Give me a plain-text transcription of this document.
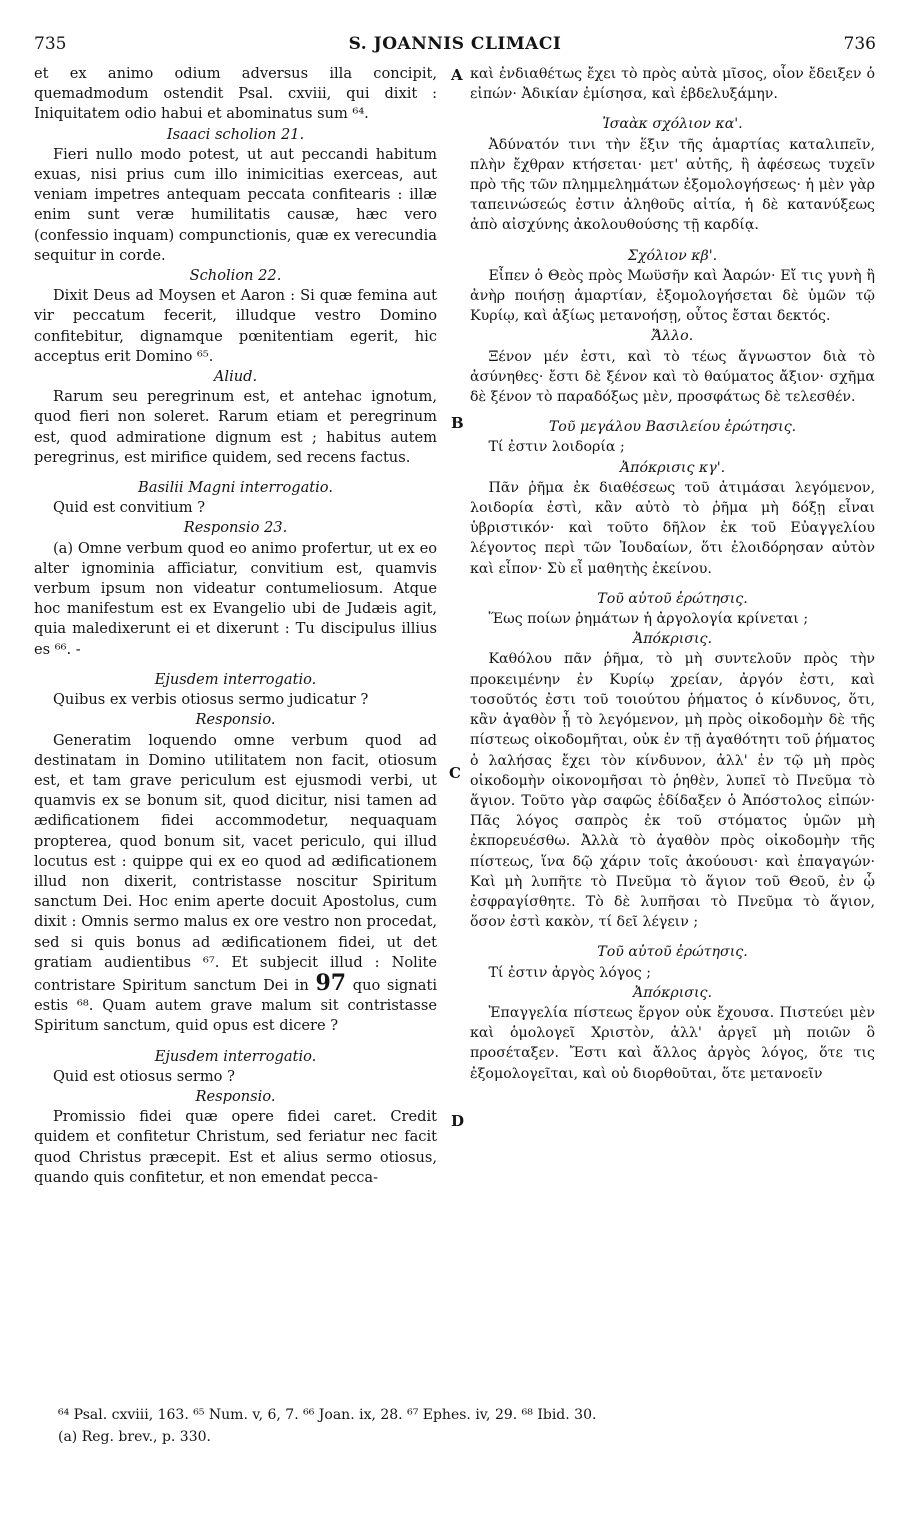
735	S. JOANNIS CLIMACI	736

et ex animo odium adversus illa concipit, quemadmodum ostendit Psal. cxviii, qui dixit : Iniquitatem odio habui et abominatus sum ⁶⁴.

Isaaci scholion 21.

Fieri nullo modo potest, ut aut peccandi habitum exuas, nisi prius cum illo inimicitias exerceas, aut veniam impetres antequam peccata confitearis : illæ enim sunt veræ humilitatis causæ, hæc vero (confessio inquam) compunctionis, quæ ex verecundia sequitur in corde.

Scholion 22.

Dixit Deus ad Moysen et Aaron : Si quæ femina aut vir peccatum fecerit, illudque vestro Domino confitebitur, dignamque pœnitentiam egerit, hic acceptus erit Domino ⁶⁵.

Aliud.

Rarum seu peregrinum est, et antehac ignotum, quod fieri non soleret. Rarum etiam et peregrinum est, quod admiratione dignum est ; habitus autem peregrinus, est mirifice quidem, sed recens factus.

Basilii Magni interrogatio.

Quid est convitium ?

Responsio 23.

(a) Omne verbum quod eo animo profertur, ut ex eo alter ignominia afficiatur, convitium est, quamvis verbum ipsum non videatur contumeliosum. Atque hoc manifestum est ex Evangelio ubi de Judæis agit, quia maledixerunt ei et dixerunt : Tu discipulus illius es ⁶⁶. -

Ejusdem interrogatio.

Quibus ex verbis otiosus sermo judicatur ?

Responsio.

Generatim loquendo omne verbum quod ad destinatam in Domino utilitatem non facit, otiosum est, et tam grave periculum est ejusmodi verbi, ut quamvis ex se bonum sit, quod dicitur, nisi tamen ad ædificationem fidei accommodetur, nequaquam propterea, quod bonum sit, vacet periculo, qui illud locutus est : quippe qui ex eo quod ad ædificationem illud non dixerit, contristasse noscitur Spiritum sanctum Dei. Hoc enim aperte docuit Apostolus, cum dixit : Omnis sermo malus ex ore vestro non procedat, sed si quis bonus ad ædificationem fidei, ut det gratiam audientibus ⁶⁷. Et subjecit illud : Nolite contristare Spiritum sanctum Dei in 97 quo signati estis ⁶⁸. Quam autem grave malum sit contristasse Spiritum sanctum, quid opus est dicere ?

Ejusdem interrogatio.

Quid est otiosus sermo ?

Responsio.

Promissio fidei quæ opere fidei caret. Credit quidem et confitetur Christum, sed feriatur nec facit quod Christus præcepit. Est et alius sermo otiosus, quando quis confitetur, et non emendat pecca-

A
B
C
D

καὶ ἐνδιαθέτως ἔχει τὸ πρὸς αὐτὰ μῖσος, οἷον ἔδειξεν ὁ εἰπών· Ἀδικίαν ἐμίσησα, καὶ ἐβδελυξάμην.

Ἰσαὰκ σχόλιον κα'.

Ἀδύνατόν τινι τὴν ἕξιν τῆς ἁμαρτίας καταλιπεῖν, πλὴν ἔχθραν κτήσεται· μετ' αὐτῆς, ἢ ἀφέσεως τυχεῖν πρὸ τῆς τῶν πλημμελημάτων ἐξομολογήσεως· ἡ μὲν γὰρ ταπεινώσεώς ἐστιν ἀληθοῦς αἰτία, ἡ δὲ κατανύξεως ἀπὸ αἰσχύνης ἀκολουθούσης τῇ καρδίᾳ.

Σχόλιον κβ'.

Εἶπεν ὁ Θεὸς πρὸς Μωϋσῆν καὶ Ἀαρών· Εἴ τις γυνὴ ἢ ἀνὴρ ποιήσῃ ἁμαρτίαν, ἐξομολογήσεται δὲ ὑμῶν τῷ Κυρίῳ, καὶ ἀξίως μετανοήσῃ, οὗτος ἔσται δεκτός.

Ἄλλο.

Ξένον μέν ἐστι, καὶ τὸ τέως ἄγνωστον διὰ τὸ ἀσύνηθες· ἔστι δὲ ξένον καὶ τὸ θαύματος ἄξιον· σχῆμα δὲ ξένον τὸ παραδόξως μὲν, προσφάτως δὲ τελεσθέν.

Τοῦ μεγάλου Βασιλείου ἐρώτησις.

Τί ἐστιν λοιδορία ;

Ἀπόκρισις κγ'.

Πᾶν ῥῆμα ἐκ διαθέσεως τοῦ ἀτιμάσαι λεγόμενον, λοιδορία ἐστὶ, κἂν αὐτὸ τὸ ῥῆμα μὴ δόξῃ εἶναι ὑβριστικόν· καὶ τοῦτο δῆλον ἐκ τοῦ Εὐαγγελίου λέγοντος περὶ τῶν Ἰουδαίων, ὅτι ἐλοιδόρησαν αὐτὸν καὶ εἶπον· Σὺ εἶ μαθητὴς ἐκείνου.

Τοῦ αὐτοῦ ἐρώτησις.

Ἕως ποίων ῥημάτων ἡ ἀργολογία κρίνεται ;

Ἀπόκρισις.

Καθόλου πᾶν ῥῆμα, τὸ μὴ συντελοῦν πρὸς τὴν προκειμένην ἐν Κυρίῳ χρείαν, ἀργόν ἐστι, καὶ τοσοῦτός ἐστι τοῦ τοιούτου ῥήματος ὁ κίνδυνος, ὅτι, κἂν ἀγαθὸν ᾖ τὸ λεγόμενον, μὴ πρὸς οἰκοδομὴν δὲ τῆς πίστεως οἰκοδομῆται, οὐκ ἐν τῇ ἀγαθότητι τοῦ ῥήματος ὁ λαλήσας ἔχει τὸν κίνδυνον, ἀλλ' ἐν τῷ μὴ πρὸς οἰκοδομὴν οἰκονομῆσαι τὸ ῥηθὲν, λυπεῖ τὸ Πνεῦμα τὸ ἅγιον. Τοῦτο γὰρ σαφῶς ἐδίδαξεν ὁ Ἀπόστολος εἰπών· Πᾶς λόγος σαπρὸς ἐκ τοῦ στόματος ὑμῶν μὴ ἐκπορευέσθω. Ἀλλὰ τὸ ἀγαθὸν πρὸς οἰκοδομὴν τῆς πίστεως, ἵνα δῷ χάριν τοῖς ἀκούουσι· καὶ ἐπαγαγών· Καὶ μὴ λυπῆτε τὸ Πνεῦμα τὸ ἅγιον τοῦ Θεοῦ, ἐν ᾧ ἐσφραγίσθητε. Τὸ δὲ λυπῆσαι τὸ Πνεῦμα τὸ ἅγιον, ὅσον ἐστὶ κακὸν, τί δεῖ λέγειν ;

Τοῦ αὐτοῦ ἐρώτησις.

Τί ἐστιν ἀργὸς λόγος ;

Ἀπόκρισις.

Ἐπαγγελία πίστεως ἔργον οὐκ ἔχουσα. Πιστεύει μὲν καὶ ὁμολογεῖ Χριστὸν, ἀλλ' ἀργεῖ μὴ ποιῶν ὃ προσέταξεν. Ἔστι καὶ ἄλλος ἀργὸς λόγος, ὅτε τις ἐξομολογεῖται, καὶ οὐ διορθοῦται, ὅτε μετανοεῖν

⁶⁴ Psal. cxviii, 163. ⁶⁵ Num. v, 6, 7. ⁶⁶ Joan. ix, 28. ⁶⁷ Ephes. iv, 29. ⁶⁸ Ibid. 30.

(a) Reg. brev., p. 330.
